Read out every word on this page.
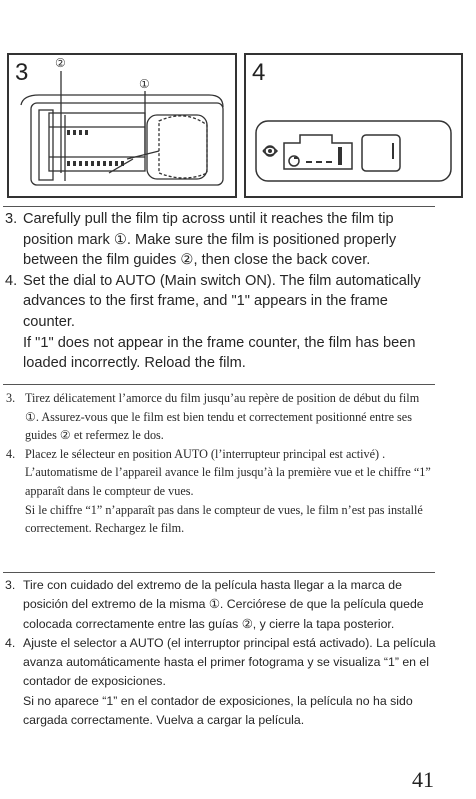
3 ②
①	4
3. Carefully pull the film tip across until it reaches the film tip position mark ①. Make sure the film is positioned properly between the film guides ②, then close the back cover.
4. Set the dial to AUTO (Main switch ON). The film automatically advances to the first frame, and "1" appears in the frame counter.
If "1" does not appear in the frame counter, the film has been loaded incorrectly. Reload the film.
3. Tirez délicatement l’amorce du film jusqu’au repère de position de début du film ①. Assurez-vous que le film est bien tendu et correctement positionné entre ses guides ② et refermez le dos.
4. Placez le sélecteur en position AUTO (l’interrupteur principal est activé) . L’automatisme de l’appareil avance le film jusqu’à la première vue et le chiffre “1” apparaît dans le compteur de vues.
Si le chiffre “1” n’apparaît pas dans le compteur de vues, le film n’est pas installé correctement. Rechargez le film.
3. Tire con cuidado del extremo de la película hasta llegar a la marca de posición del extremo de la misma ①. Cerciórese de que la película quede colocada correctamente entre las guías ②, y cierre la tapa posterior.
4. Ajuste el selector a AUTO (el interruptor principal está activado). La película avanza automáticamente hasta el primer fotograma y se visualiza “1” en el contador de exposiciones.
Si no aparece “1” en el contador de exposiciones, la película no ha sido cargada correctamente. Vuelva a cargar la película.
41
